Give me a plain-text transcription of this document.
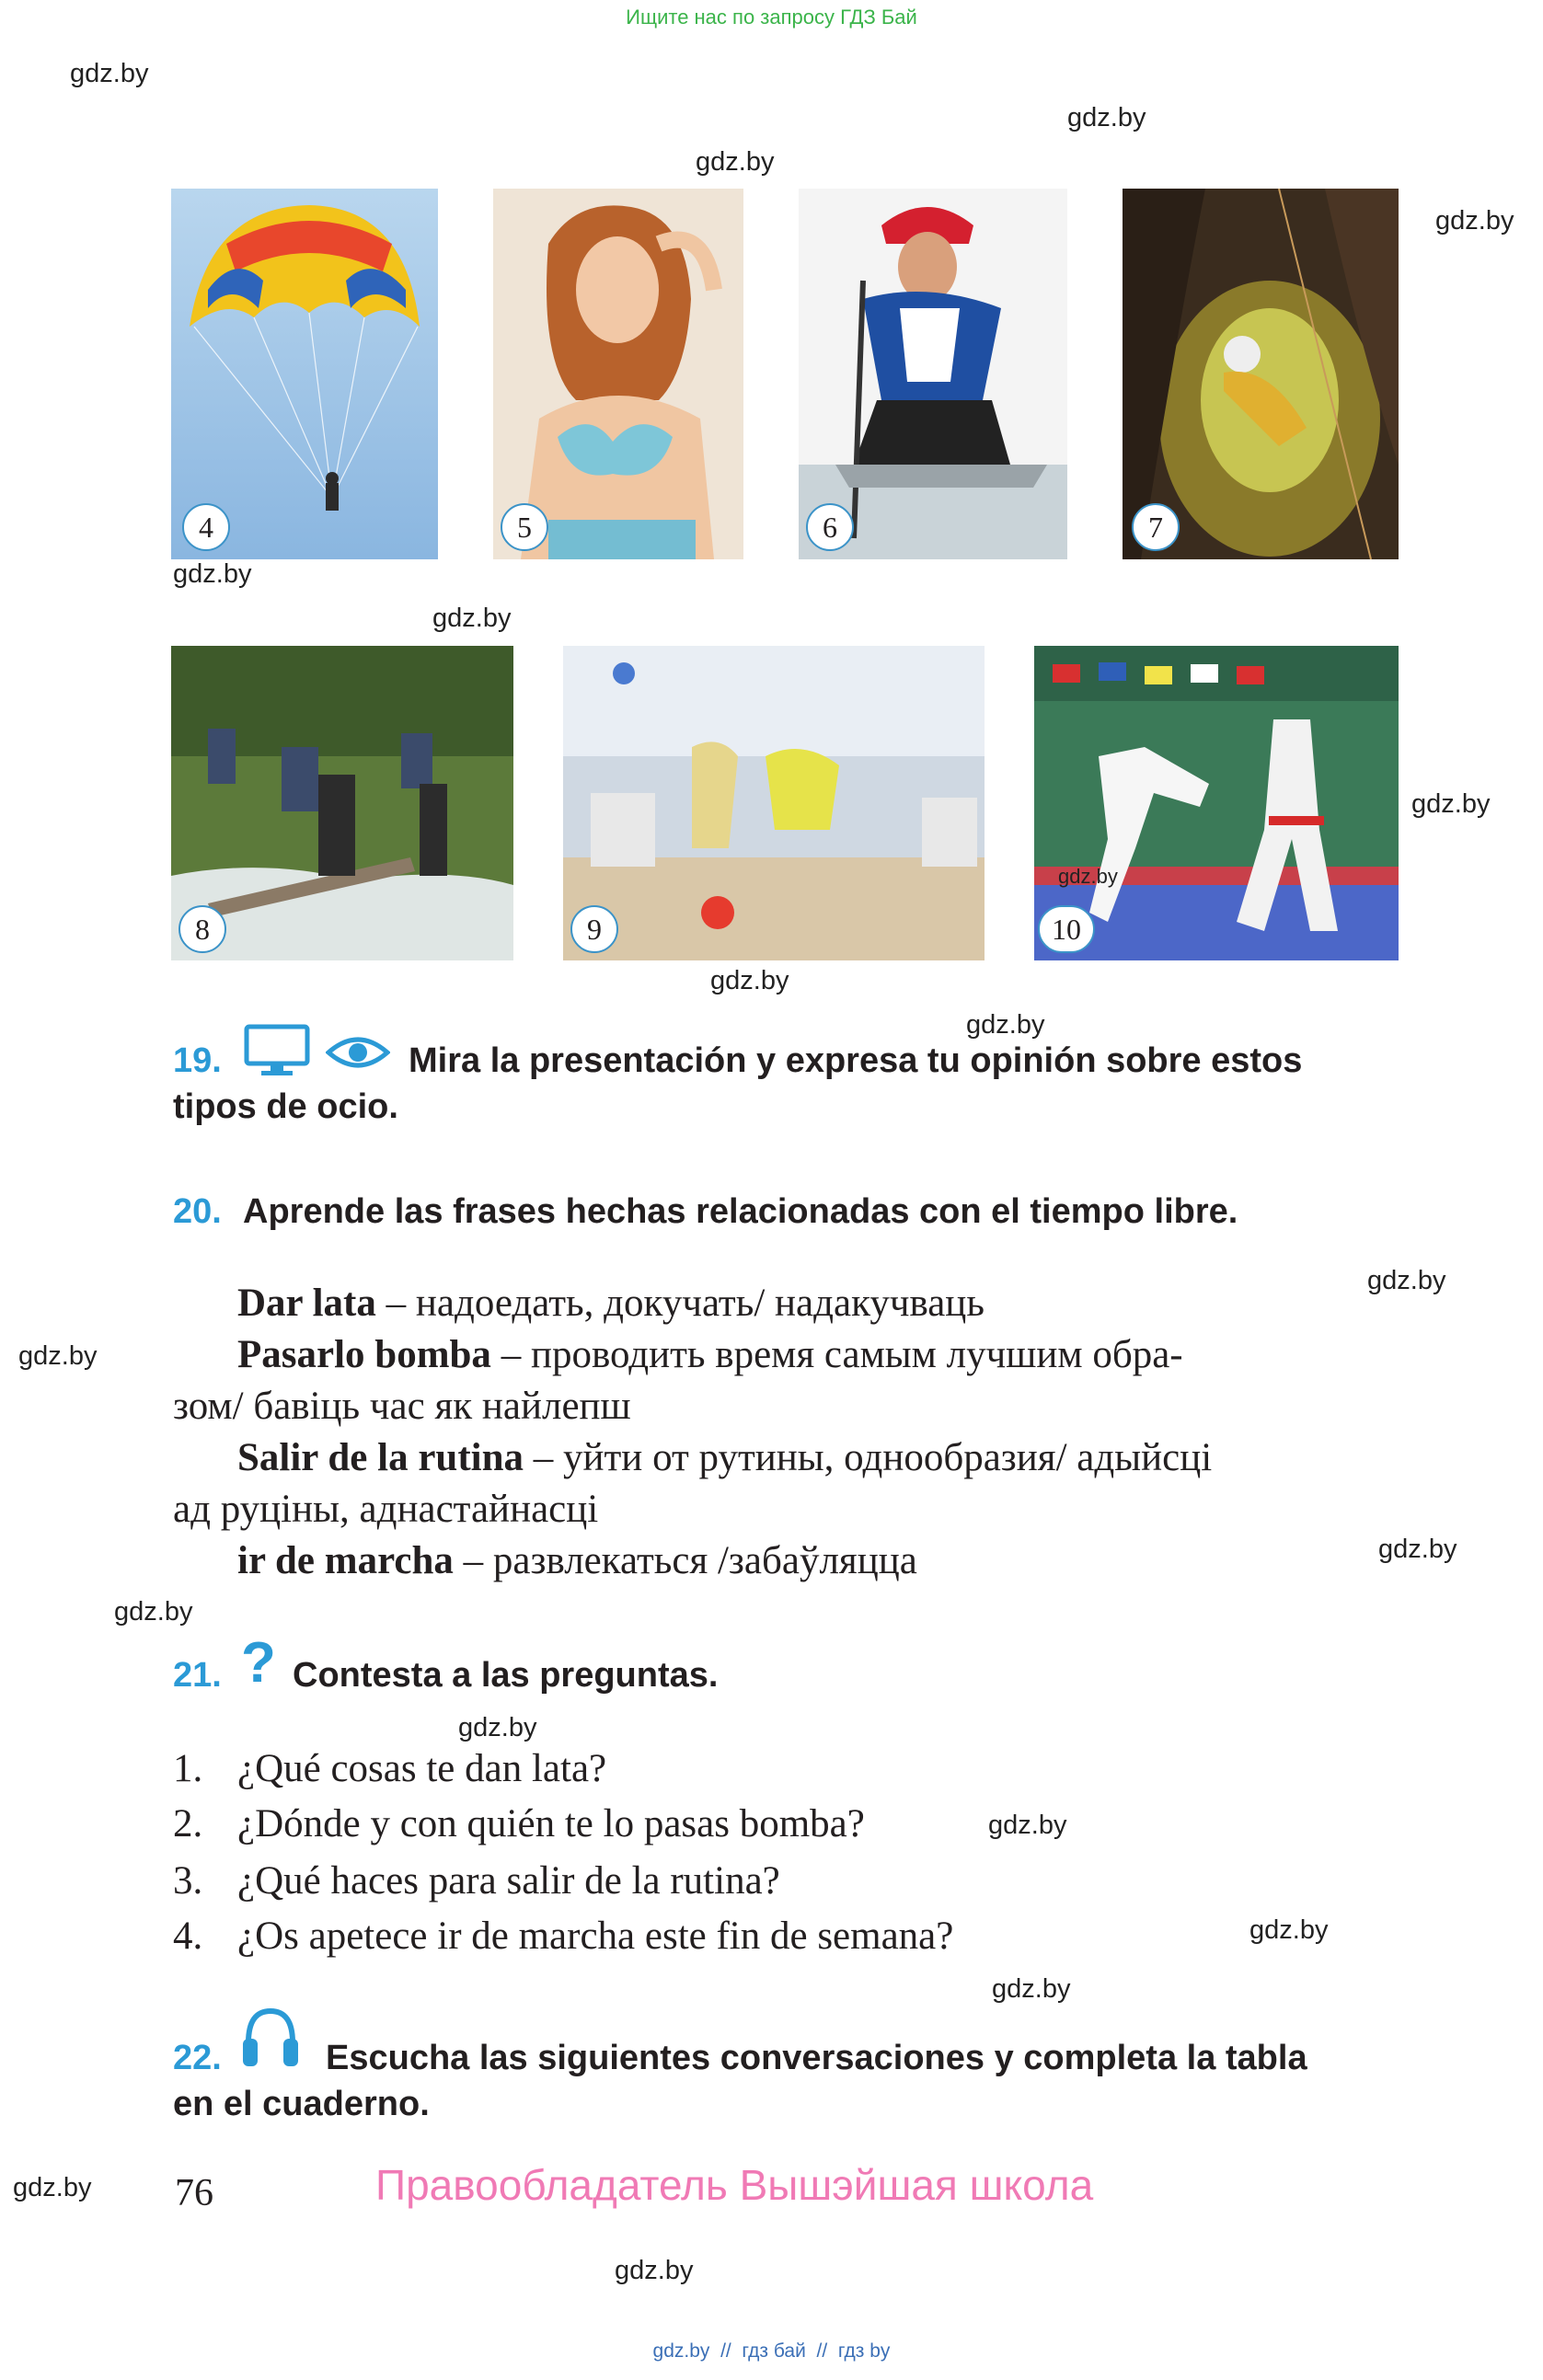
Ищите нас по запросу ГДЗ Бай
gdz.by
gdz.by
gdz.by
gdz.by
gdz.by
gdz.by
gdz.by
gdz.by
gdz.by
gdz.by
gdz.by
gdz.by
gdz.by
gdz.by
gdz.by
gdz.by
gdz.by
gdz.by
gdz.by
4	5	6	7
8	9	10
gdz.by
19.	Mira la presentación y expresa tu opinión sobre estos
tipos de ocio.
20. Aprende las frases hechas relacionadas con el tiempo libre.
Dar lata – надоедать, докучать/ надакучваць
Pasarlo bomba – проводить время самым лучшим обра-
зом/ бавіць час як найлепш
Salir de la rutina – уйти от рутины, однообразия/ адыйсці
ад руціны, аднастайнасці
ir de marcha – развлекаться /забаўляцца
21. ? Contesta a las preguntas.
1. ¿Qué cosas te dan lata?
2. ¿Dónde y con quién te lo pasas bomba?
3. ¿Qué haces para salir de la rutina?
4. ¿Os apetece ir de marcha este fin de semana?
22.	Escucha las siguientes conversaciones y completa la tabla
en el cuaderno.
76	Правообладатель Вышэйшая школа
gdz.by  //  гдз бай  //  гдз by
